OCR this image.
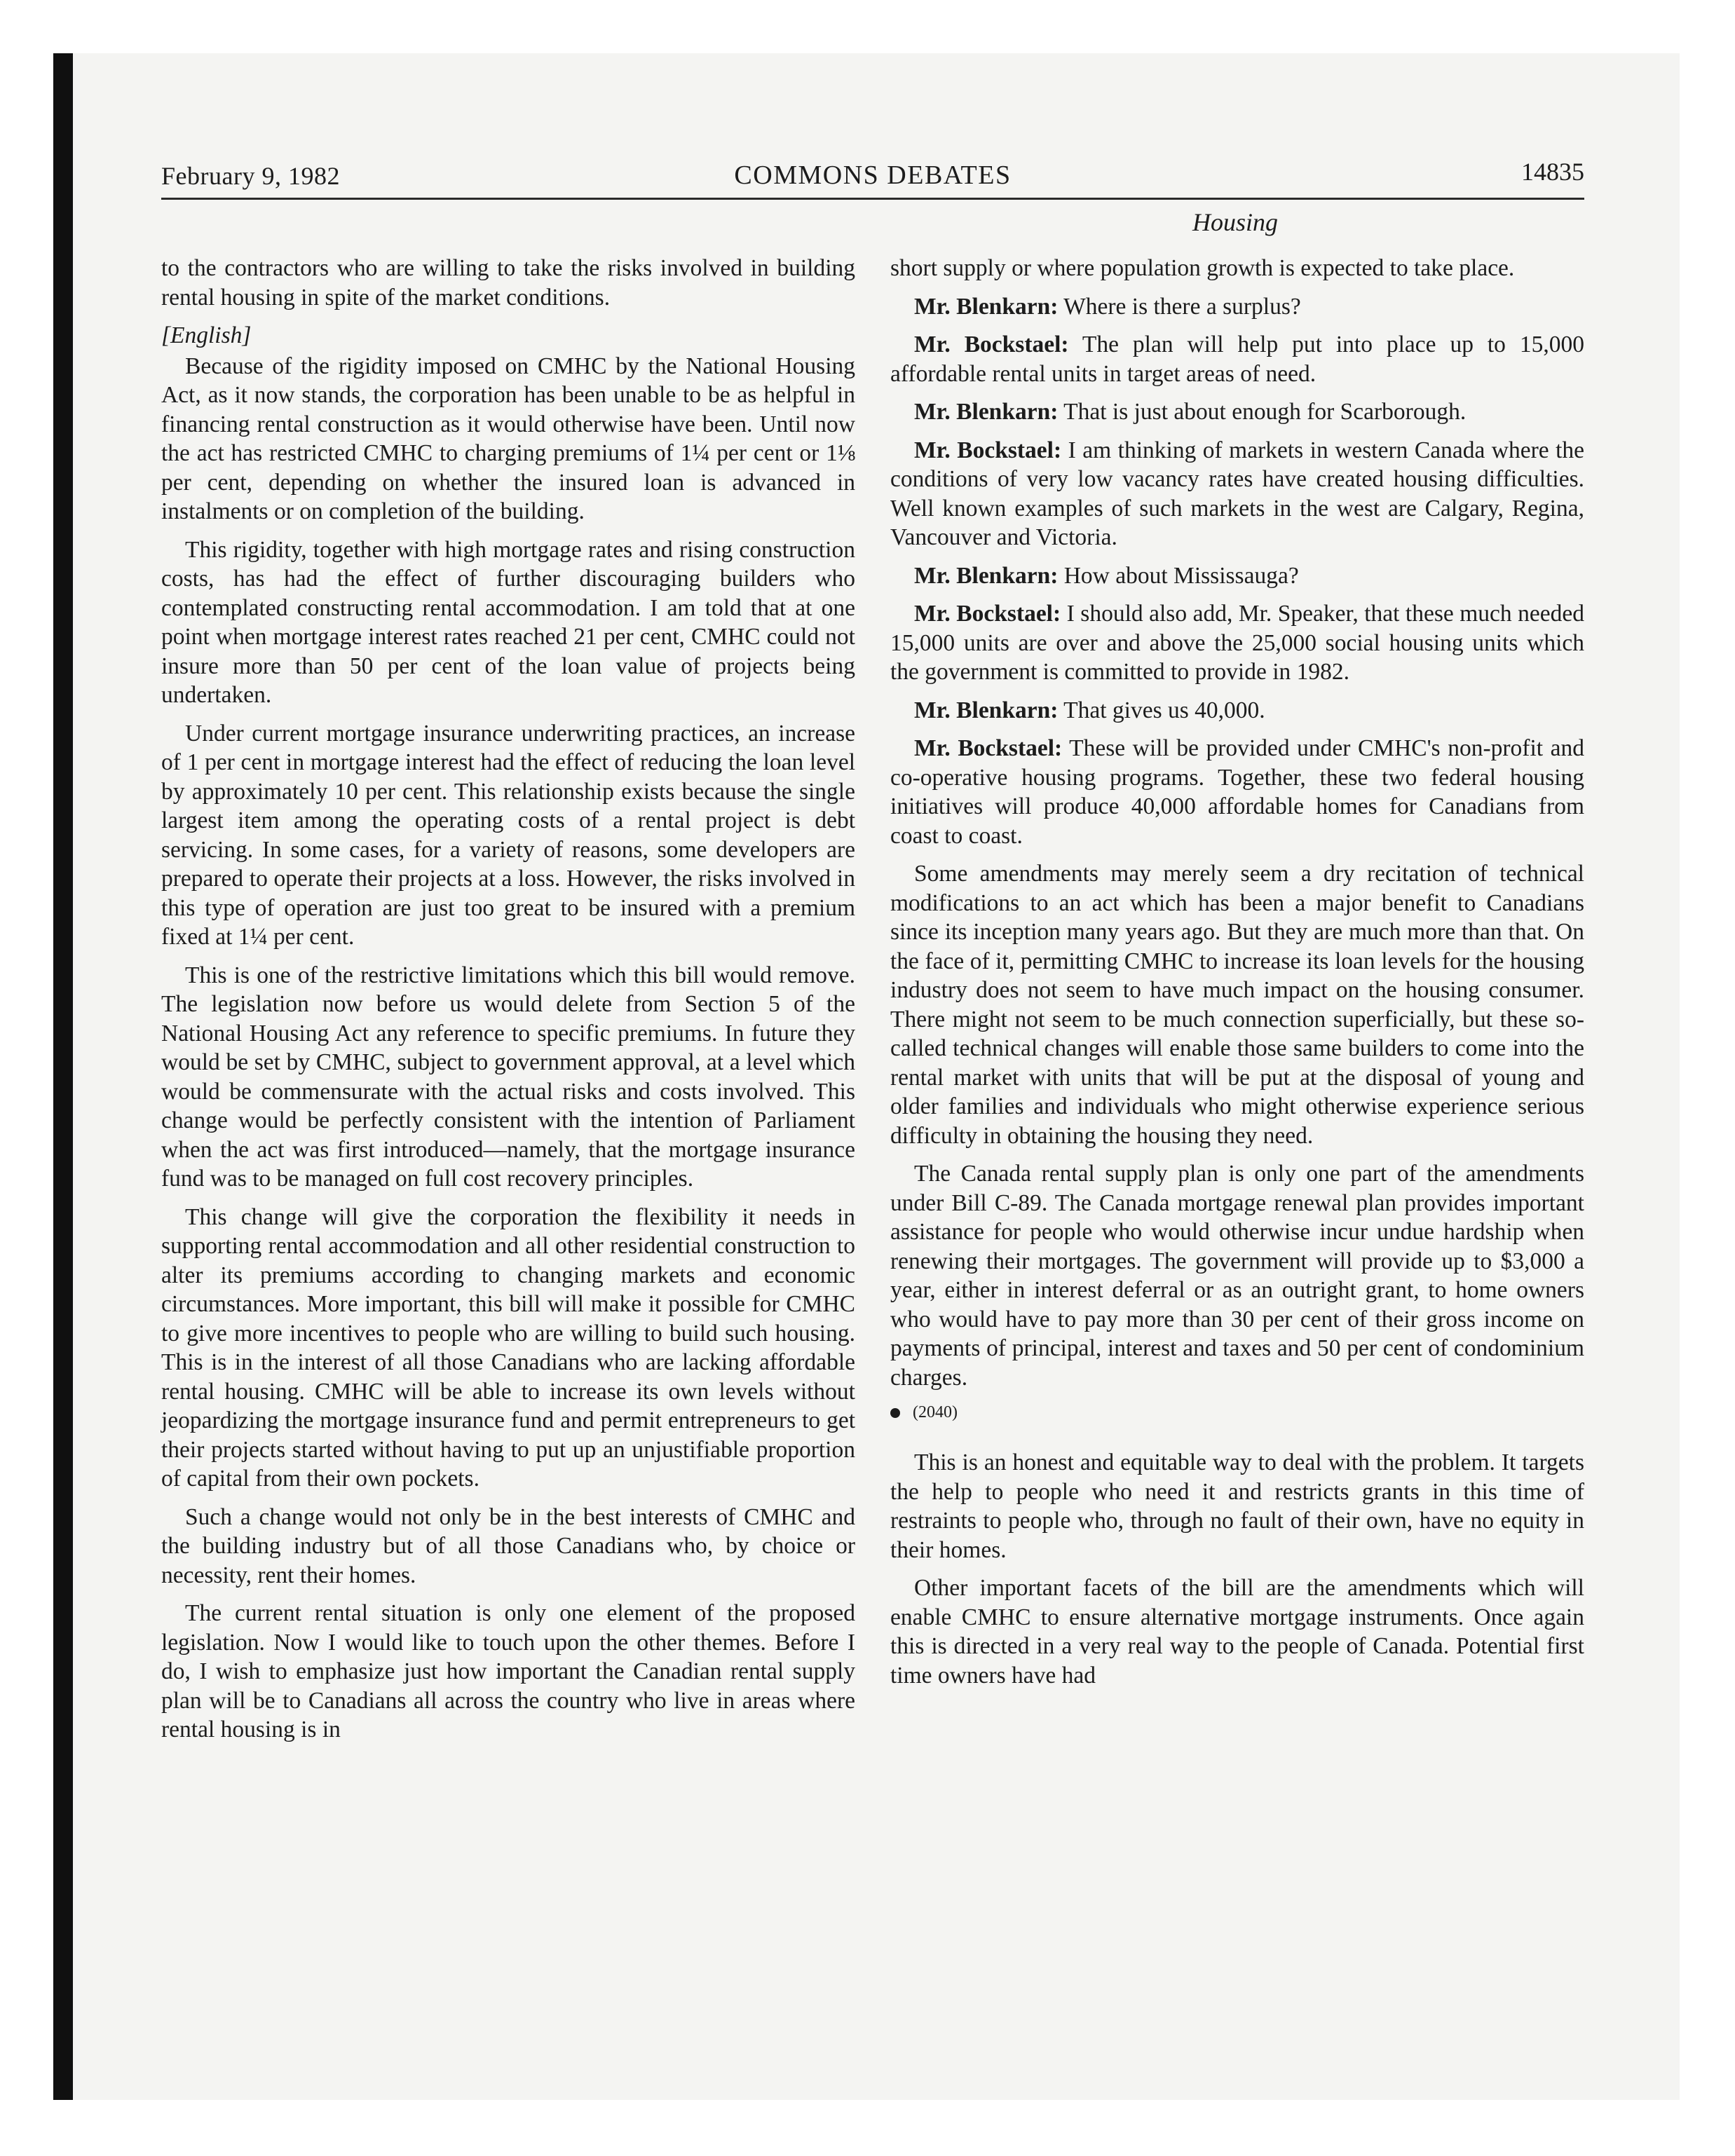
February 9, 1982	COMMONS DEBATES	14835
Housing

to the contractors who are willing to take the risks involved in building rental housing in spite of the market conditions.

[English]

Because of the rigidity imposed on CMHC by the National Housing Act, as it now stands, the corporation has been unable to be as helpful in financing rental construction as it would otherwise have been. Until now the act has restricted CMHC to charging premiums of 1¼ per cent or 1⅛ per cent, depending on whether the insured loan is advanced in instalments or on completion of the building.

This rigidity, together with high mortgage rates and rising construction costs, has had the effect of further discouraging builders who contemplated constructing rental accommodation. I am told that at one point when mortgage interest rates reached 21 per cent, CMHC could not insure more than 50 per cent of the loan value of projects being undertaken.

Under current mortgage insurance underwriting practices, an increase of 1 per cent in mortgage interest had the effect of reducing the loan level by approximately 10 per cent. This relationship exists because the single largest item among the operating costs of a rental project is debt servicing. In some cases, for a variety of reasons, some developers are prepared to operate their projects at a loss. However, the risks involved in this type of operation are just too great to be insured with a premium fixed at 1¼ per cent.

This is one of the restrictive limitations which this bill would remove. The legislation now before us would delete from Section 5 of the National Housing Act any reference to specific premiums. In future they would be set by CMHC, subject to government approval, at a level which would be commensurate with the actual risks and costs involved. This change would be perfectly consistent with the intention of Parliament when the act was first introduced—namely, that the mortgage insurance fund was to be managed on full cost recovery principles.

This change will give the corporation the flexibility it needs in supporting rental accommodation and all other residential construction to alter its premiums according to changing markets and economic circumstances. More important, this bill will make it possible for CMHC to give more incentives to people who are willing to build such housing. This is in the interest of all those Canadians who are lacking affordable rental housing. CMHC will be able to increase its own levels without jeopardizing the mortgage insurance fund and permit entrepreneurs to get their projects started without having to put up an unjustifiable proportion of capital from their own pockets.

Such a change would not only be in the best interests of CMHC and the building industry but of all those Canadians who, by choice or necessity, rent their homes.

The current rental situation is only one element of the proposed legislation. Now I would like to touch upon the other themes. Before I do, I wish to emphasize just how important the Canadian rental supply plan will be to Canadians all across the country who live in areas where rental housing is in

short supply or where population growth is expected to take place.

Mr. Blenkarn: Where is there a surplus?

Mr. Bockstael: The plan will help put into place up to 15,000 affordable rental units in target areas of need.

Mr. Blenkarn: That is just about enough for Scarborough.

Mr. Bockstael: I am thinking of markets in western Canada where the conditions of very low vacancy rates have created housing difficulties. Well known examples of such markets in the west are Calgary, Regina, Vancouver and Victoria.

Mr. Blenkarn: How about Mississauga?

Mr. Bockstael: I should also add, Mr. Speaker, that these much needed 15,000 units are over and above the 25,000 social housing units which the government is committed to provide in 1982.

Mr. Blenkarn: That gives us 40,000.

Mr. Bockstael: These will be provided under CMHC's non-profit and co-operative housing programs. Together, these two federal housing initiatives will produce 40,000 affordable homes for Canadians from coast to coast.

Some amendments may merely seem a dry recitation of technical modifications to an act which has been a major benefit to Canadians since its inception many years ago. But they are much more than that. On the face of it, permitting CMHC to increase its loan levels for the housing industry does not seem to have much impact on the housing consumer. There might not seem to be much connection superficially, but these so-called technical changes will enable those same builders to come into the rental market with units that will be put at the disposal of young and older families and individuals who might otherwise experience serious difficulty in obtaining the housing they need.

The Canada rental supply plan is only one part of the amendments under Bill C-89. The Canada mortgage renewal plan provides important assistance for people who would otherwise incur undue hardship when renewing their mortgages. The government will provide up to $3,000 a year, either in interest deferral or as an outright grant, to home owners who would have to pay more than 30 per cent of their gross income on payments of principal, interest and taxes and 50 per cent of condominium charges.

(2040)

This is an honest and equitable way to deal with the problem. It targets the help to people who need it and restricts grants in this time of restraints to people who, through no fault of their own, have no equity in their homes.

Other important facets of the bill are the amendments which will enable CMHC to ensure alternative mortgage instruments. Once again this is directed in a very real way to the people of Canada. Potential first time owners have had
